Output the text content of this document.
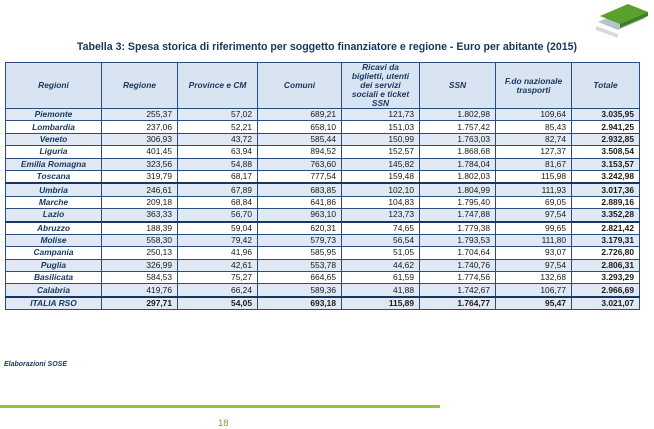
Tabella 3: Spesa storica di riferimento per soggetto finanziatore e regione - Euro per abitante (2015)
Regioni	Regione	Province e CM	Comuni	Ricavi da biglietti, utenti dei servizi sociali e ticket SSN	SSN	F.do nazionale trasporti	Totale
Piemonte	255,37	57,02	689,21	121,73	1.802,98	109,64	3.035,95
Lombardia	237,06	52,21	658,10	151,03	1.757,42	85,43	2.941,25
Veneto	306,93	43,72	585,44	150,99	1.763,03	82,74	2.932,85
Liguria	401,45	63,94	894,52	152,57	1.868,68	127,37	3.508,54
Emilia Romagna	323,56	54,88	763,60	145,82	1.784,04	81,67	3.153,57
Toscana	319,79	68,17	777,54	159,48	1.802,03	115,98	3.242,98
Umbria	246,61	67,89	683,85	102,10	1.804,99	111,93	3.017,36
Marche	209,18	68,84	641,86	104,83	1.795,40	69,05	2.889,16
Lazio	363,33	56,70	963,10	123,73	1.747,88	97,54	3.352,28
Abruzzo	188,39	59,04	620,31	74,65	1.779,38	99,65	2.821,42
Molise	558,30	79,42	579,73	56,54	1.793,53	111,80	3.179,31
Campania	250,13	41,96	585,95	51,05	1.704,64	93,07	2.726,80
Puglia	326,99	42,61	553,78	44,62	1.740,76	97,54	2.806,31
Basilicata	584,53	75,27	664,65	61,59	1.774,56	132,68	3.293,29
Calabria	419,76	66,24	589,36	41,88	1.742,67	106,77	2.966,69
ITALIA RSO	297,71	54,05	693,18	115,89	1.764,77	95,47	3.021,07
Elaborazioni SOSE
18
